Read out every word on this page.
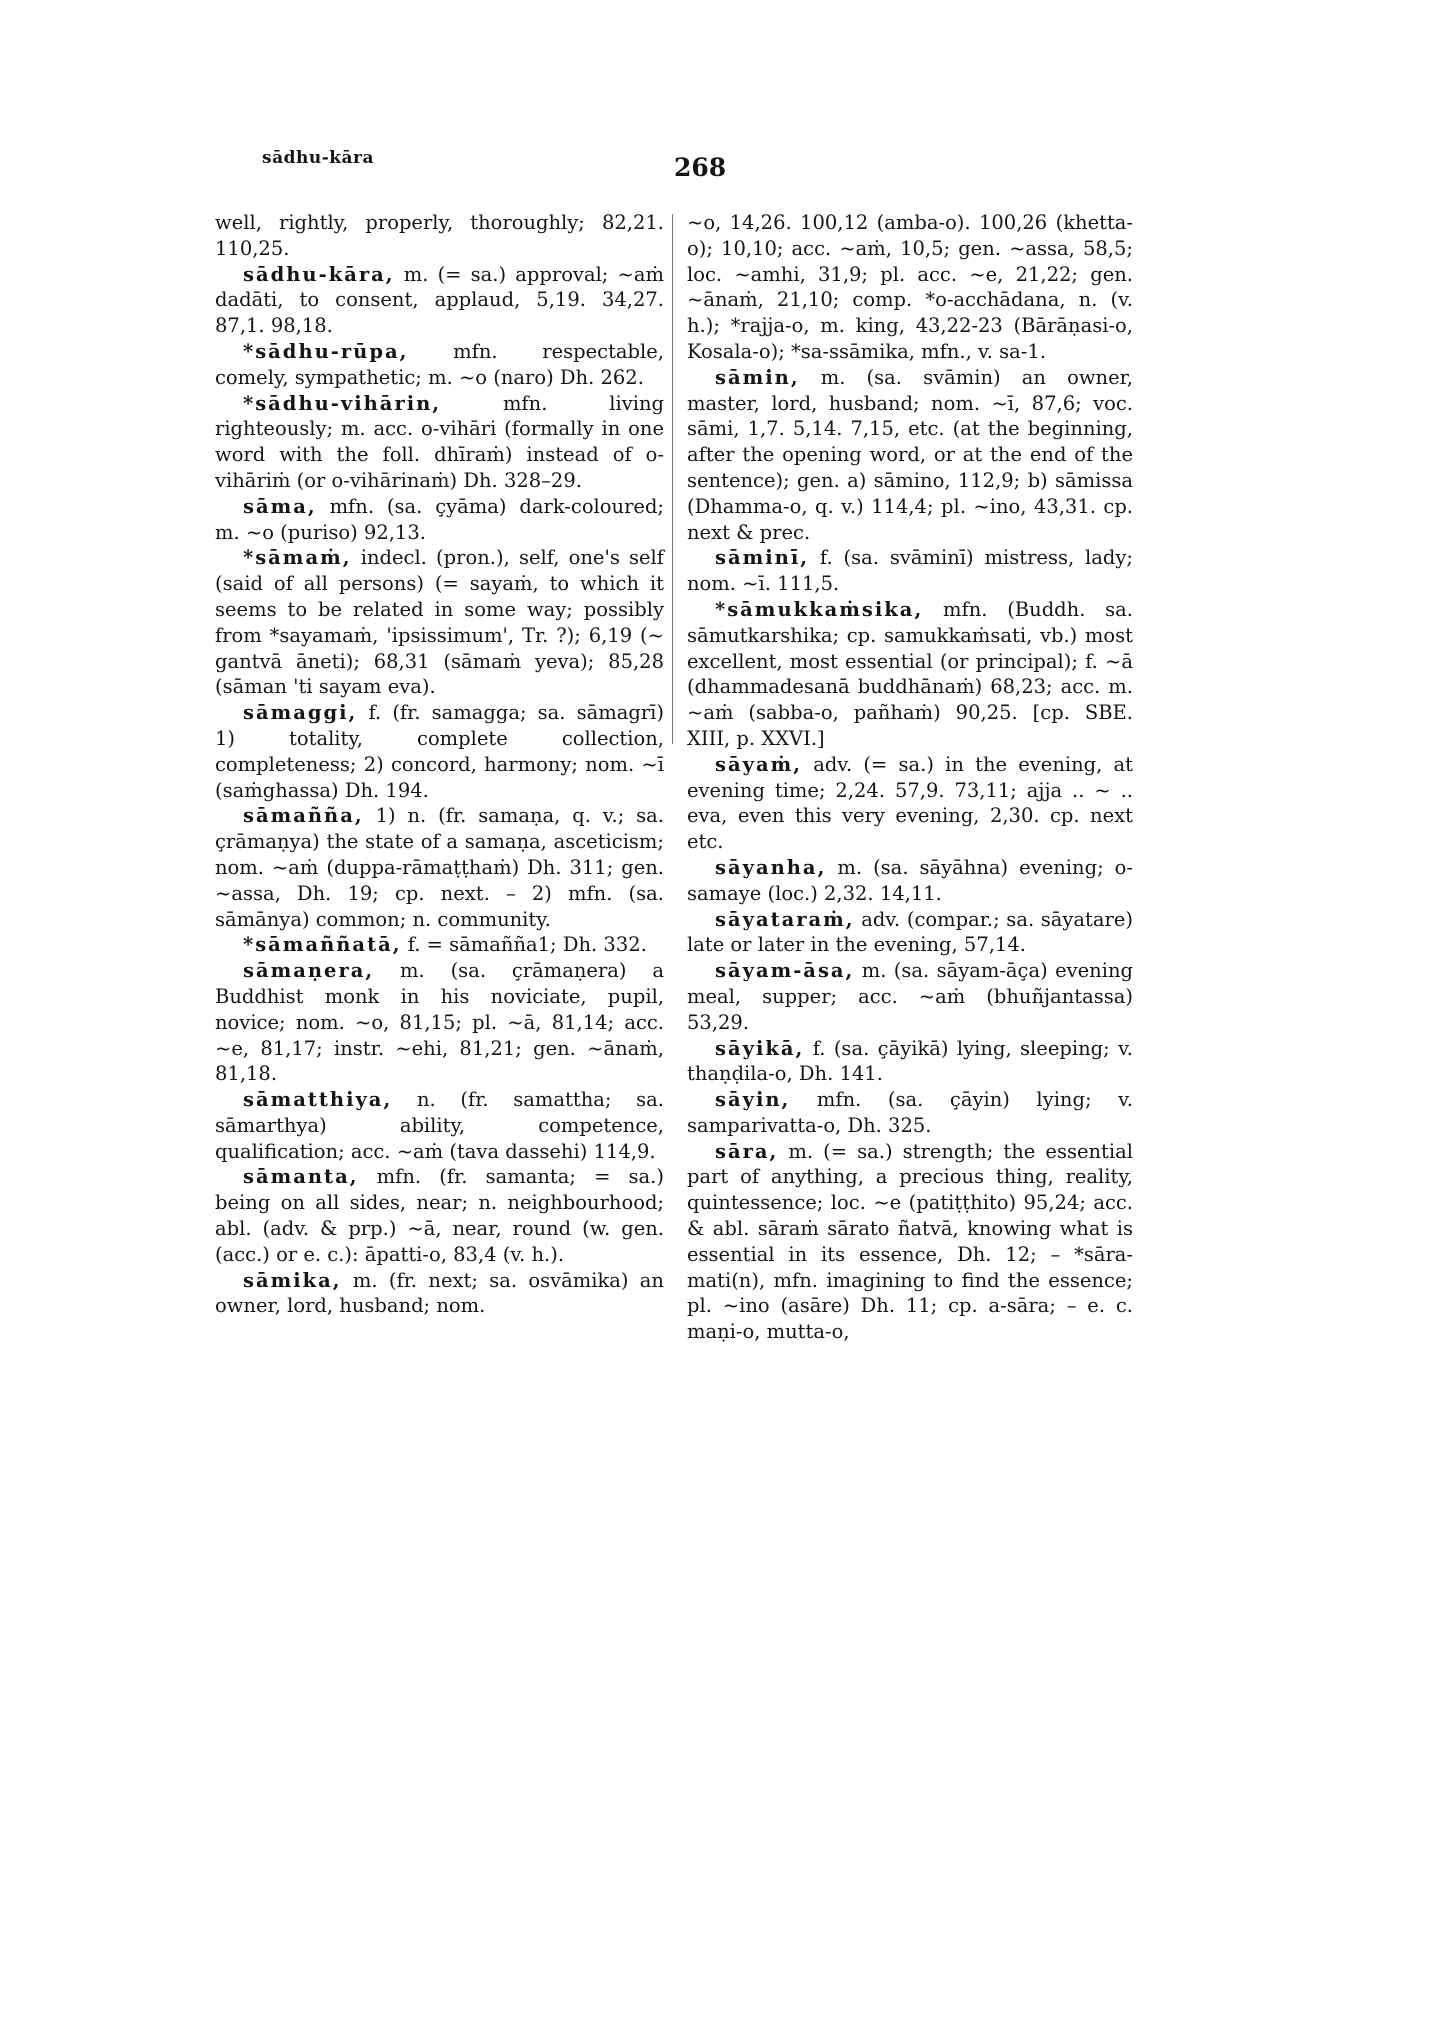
sādhu-kāra	268

well, rightly, properly, thoroughly; 82,21. 110,25.

sādhu-kāra, m. (= sa.) approval; ~aṁ dadāti, to consent, applaud, 5,19. 34,27. 87,1. 98,18.

*sādhu-rūpa, mfn. respectable, comely, sympathetic; m. ~o (naro) Dh. 262.

*sādhu-vihārin,	mfn. living righteously; m. acc. o-vihāri (formally in one word with the foll. dhīraṁ) instead of o-vihāriṁ (or o-vihārinaṁ) Dh. 328–29.

sāma, mfn. (sa. çyāma) dark-coloured; m. ~o (puriso) 92,13.

*sāmaṁ, indecl. (pron.), self, one's self (said of all persons) (= sayaṁ, to which it seems to be related in some way; possibly from *sayamaṁ, 'ipsissimum', Tr. ?); 6,19 (~ gantvā āneti); 68,31 (sāmaṁ yeva); 85,28 (sāman 'ti sayam eva).

sāmaggi, f. (fr. samagga; sa. sāmagrī) 1) totality, complete collection, completeness; 2) concord, harmony; nom. ~ī (saṁghassa) Dh. 194.

sāmañña, 1) n. (fr. samaṇa, q. v.; sa. çrāmaṇya) the state of a samaṇa, asceticism; nom. ~aṁ (duppa-rāmaṭṭhaṁ) Dh. 311; gen. ~assa, Dh. 19; cp. next. – 2) mfn. (sa. sāmānya) common; n. community.

*sāmaññatā, f. = sāmañña1; Dh. 332.

sāmaṇera, m. (sa. çrāmaṇera) a Buddhist monk in his noviciate, pupil, novice; nom. ~o, 81,15; pl. ~ā, 81,14; acc. ~e, 81,17; instr. ~ehi, 81,21; gen. ~ānaṁ, 81,18.

sāmatthiya, n. (fr. samattha; sa. sāmarthya) ability, competence, qualification; acc. ~aṁ (tava dassehi) 114,9.

sāmanta, mfn. (fr. samanta; = sa.) being on all sides, near; n. neighbourhood; abl. (adv. & prp.) ~ā, near, round (w. gen. (acc.) or e. c.): āpatti-o, 83,4 (v. h.).

sāmika, m. (fr. next; sa. osvāmika) an owner, lord, husband; nom.

~o, 14,26. 100,12 (amba-o). 100,26 (khetta-o); 10,10; acc. ~aṁ, 10,5; gen. ~assa, 58,5; loc. ~amhi, 31,9; pl. acc. ~e, 21,22; gen. ~ānaṁ, 21,10; comp. *o-acchādana, n. (v. h.); *rajja-o, m. king, 43,22-23 (Bārāṇasi-o, Kosala-o); *sa-ssāmika, mfn., v. sa-1.

sāmin, m. (sa. svāmin) an owner, master, lord, husband; nom. ~ī, 87,6; voc. sāmi, 1,7. 5,14. 7,15, etc. (at the beginning, after the opening word, or at the end of the sentence); gen. a) sāmino, 112,9; b) sāmissa (Dhamma-o, q. v.) 114,4; pl. ~ino, 43,31. cp. next & prec.

sāminī, f. (sa. svāminī) mistress, lady; nom. ~ī. 111,5.

*sāmukkaṁsika, mfn. (Buddh. sa. sāmutkarshika; cp. samukkaṁsati, vb.) most excellent, most essential (or principal); f. ~ā (dhammadesanā buddhānaṁ) 68,23; acc. m. ~aṁ (sabba-o, pañhaṁ) 90,25. [cp. SBE. XIII, p. XXVI.]

sāyaṁ, adv. (= sa.) in the evening, at evening time; 2,24. 57,9. 73,11; ajja .. ~ .. eva, even this very evening, 2,30. cp. next etc.

sāyanha, m. (sa. sāyāhna) evening; o-samaye (loc.) 2,32. 14,11.

sāyataraṁ, adv. (compar.; sa. sāyatare) late or later in the evening, 57,14.

sāyam-āsa, m. (sa. sāyam-āça) evening meal, supper; acc. ~aṁ (bhuñjantassa) 53,29.

sāyikā, f. (sa. çāyikā) lying, sleeping; v. thaṇḍila-o, Dh. 141.

sāyin, mfn. (sa. çāyin) lying; v. samparivatta-o, Dh. 325.

sāra, m. (= sa.) strength; the essential part of anything, a precious thing, reality, quintessence; loc. ~e (patiṭṭhito) 95,24; acc. & abl. sāraṁ sārato ñatvā, knowing what is essential in its essence, Dh. 12; – *sāra-mati(n), mfn. imagining to find the essence; pl. ~ino (asāre) Dh. 11; cp. a-sāra; – e. c. maṇi-o, mutta-o,
